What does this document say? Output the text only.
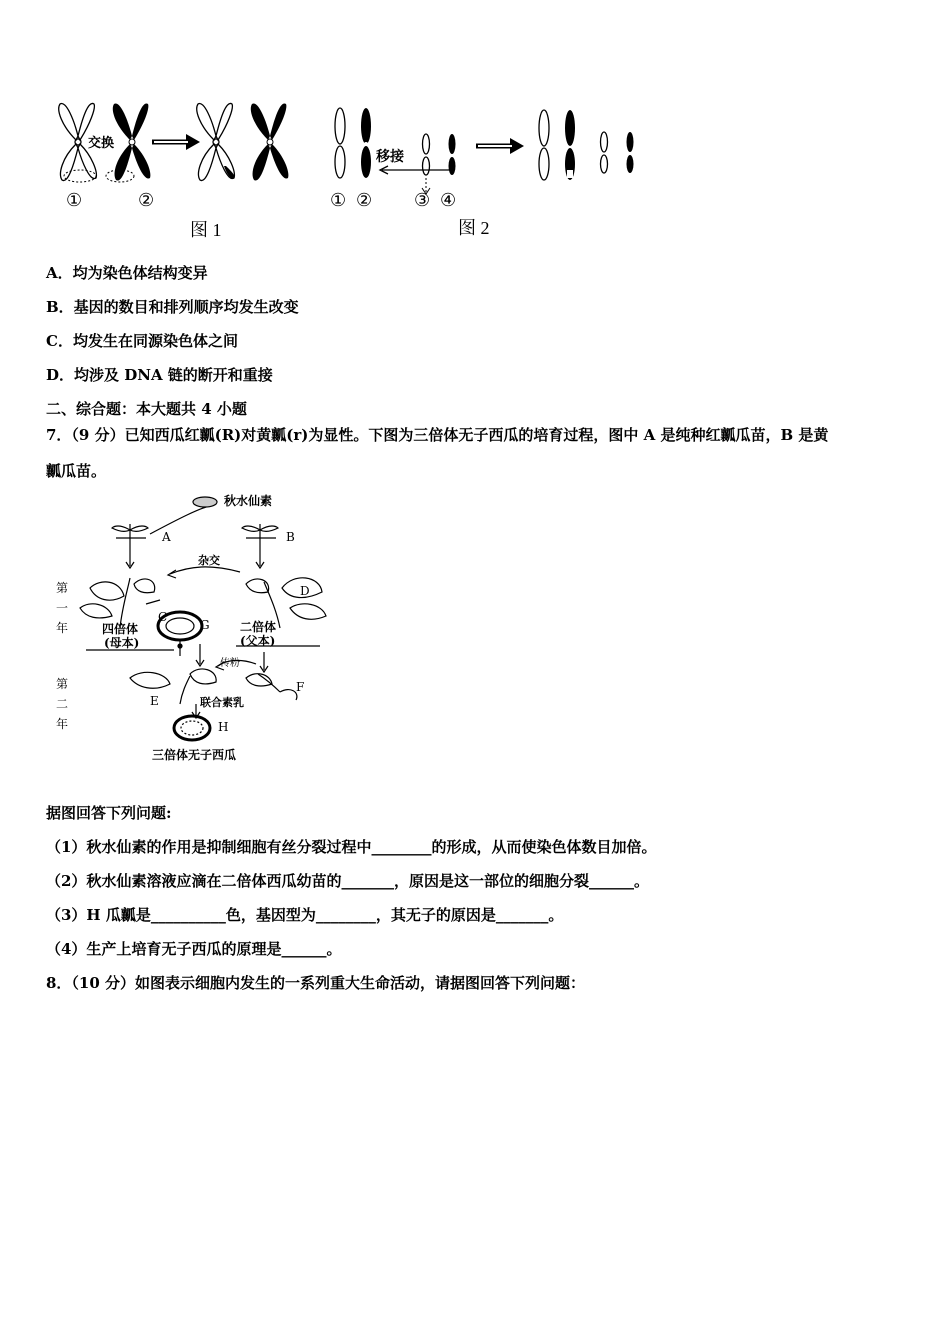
交换
①	②
图 1
移接
① ② ③ ④
图 2
A．均为染色体结构变异
B．基因的数目和排列顺序均发生改变
C．均发生在同源染色体之间
D．均涉及 DNA 链的断开和重接
二、综合题：本大题共 4 小题
7．（9 分）已知西瓜红瓤(R)对黄瓤(r)为显性。下图为三倍体无子西瓜的培育过程，图中 A 是纯种红瓤瓜苗，B 是黄
瓤瓜苗。
秋水仙素
A	B
杂交
第一年
C
D
G
四倍体
(母本)
二倍体
(父本)
第二年
传粉
E
F
联合素乳
H
三倍体无子西瓜
据图回答下列问题:
（1）秋水仙素的作用是抑制细胞有丝分裂过程中________的形成，从而使染色体数目加倍。
（2）秋水仙素溶液应滴在二倍体西瓜幼苗的_______，原因是这一部位的细胞分裂______。
（3）H 瓜瓤是__________色，基因型为________，其无子的原因是_______。
（4）生产上培育无子西瓜的原理是______。
8．（10 分）如图表示细胞内发生的一系列重大生命活动，请据图回答下列问题：
